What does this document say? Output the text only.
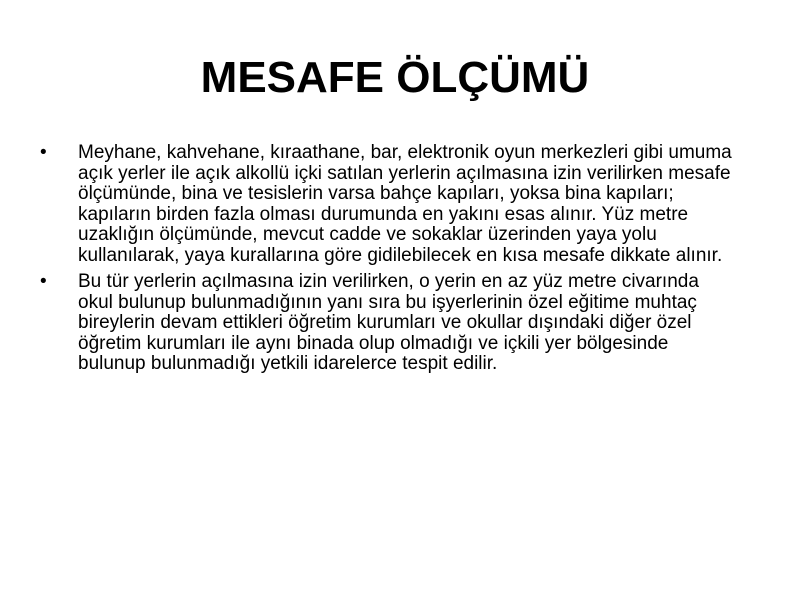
MESAFE ÖLÇÜMÜ
• Meyhane, kahvehane, kıraathane, bar, elektronik oyun merkezleri gibi umuma açık yerler ile açık alkollü içki satılan yerlerin açılmasına izin verilirken mesafe ölçümünde, bina ve tesislerin varsa bahçe kapıları, yoksa bina kapıları; kapıların birden fazla olması durumunda en yakını esas alınır. Yüz metre uzaklığın ölçümünde, mevcut cadde ve sokaklar üzerinden yaya yolu kullanılarak, yaya kurallarına göre gidilebilecek en kısa mesafe dikkate alınır.
• Bu tür yerlerin açılmasına izin verilirken, o yerin en az yüz metre civarında okul bulunup bulunmadığının yanı sıra bu işyerlerinin özel eğitime muhtaç bireylerin devam ettikleri öğretim kurumları ve okullar dışındaki diğer özel öğretim kurumları ile aynı binada olup olmadığı ve içkili yer bölgesinde bulunup bulunmadığı yetkili idarelerce tespit edilir.
